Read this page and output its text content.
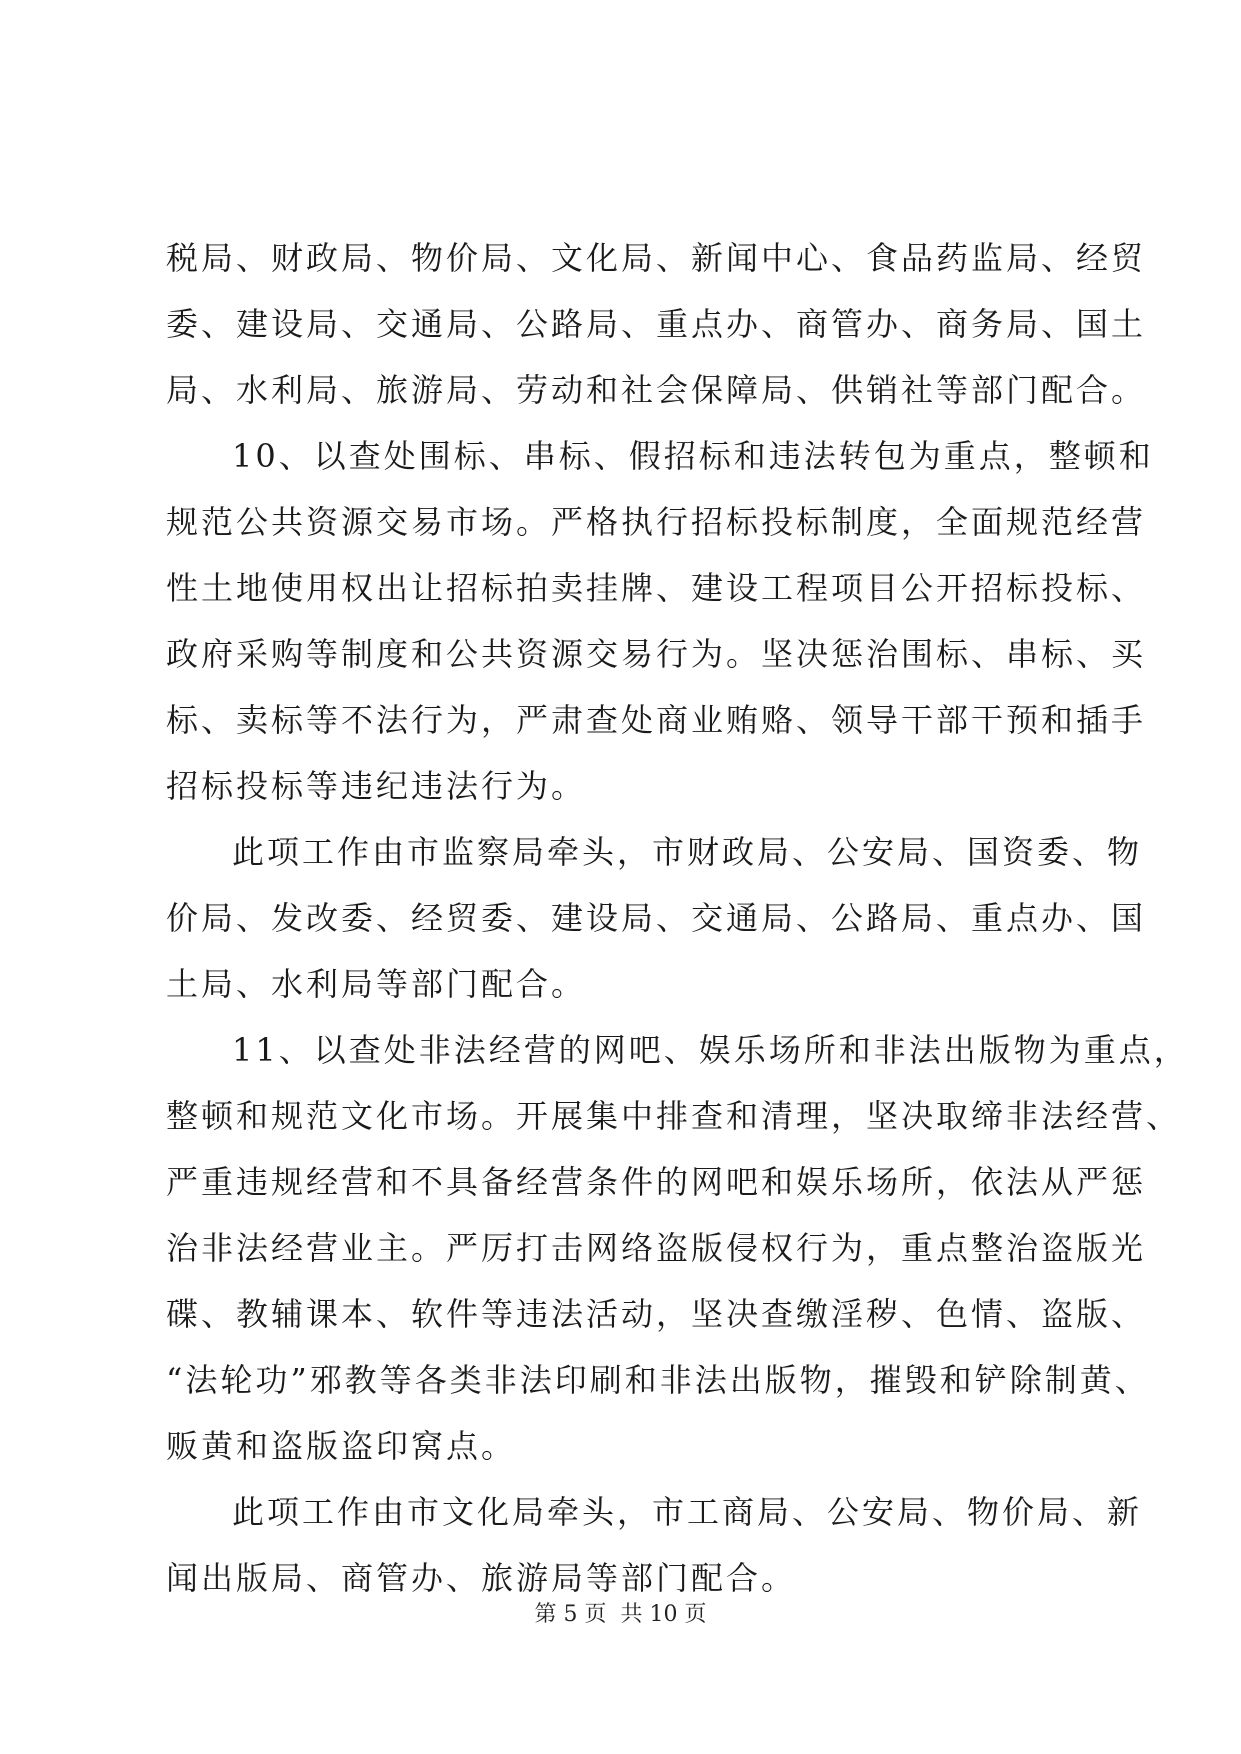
税局、财政局、物价局、文化局、新闻中心、食品药监局、经贸
委、建设局、交通局、公路局、重点办、商管办、商务局、国土
局、水利局、旅游局、劳动和社会保障局、供销社等部门配合。
10、以查处围标、串标、假招标和违法转包为重点，整顿和
规范公共资源交易市场。严格执行招标投标制度，全面规范经营
性土地使用权出让招标拍卖挂牌、建设工程项目公开招标投标、
政府采购等制度和公共资源交易行为。坚决惩治围标、串标、买
标、卖标等不法行为，严肃查处商业贿赂、领导干部干预和插手
招标投标等违纪违法行为。
此项工作由市监察局牵头，市财政局、公安局、国资委、物
价局、发改委、经贸委、建设局、交通局、公路局、重点办、国
土局、水利局等部门配合。
11、以查处非法经营的网吧、娱乐场所和非法出版物为重点，
整顿和规范文化市场。开展集中排查和清理，坚决取缔非法经营、
严重违规经营和不具备经营条件的网吧和娱乐场所，依法从严惩
治非法经营业主。严厉打击网络盗版侵权行为，重点整治盗版光
碟、教辅课本、软件等违法活动，坚决查缴淫秽、色情、盗版、
“法轮功”邪教等各类非法印刷和非法出版物，摧毁和铲除制黄、
贩黄和盗版盗印窝点。
此项工作由市文化局牵头，市工商局、公安局、物价局、新
闻出版局、商管办、旅游局等部门配合。
第 5 页 共 10 页
